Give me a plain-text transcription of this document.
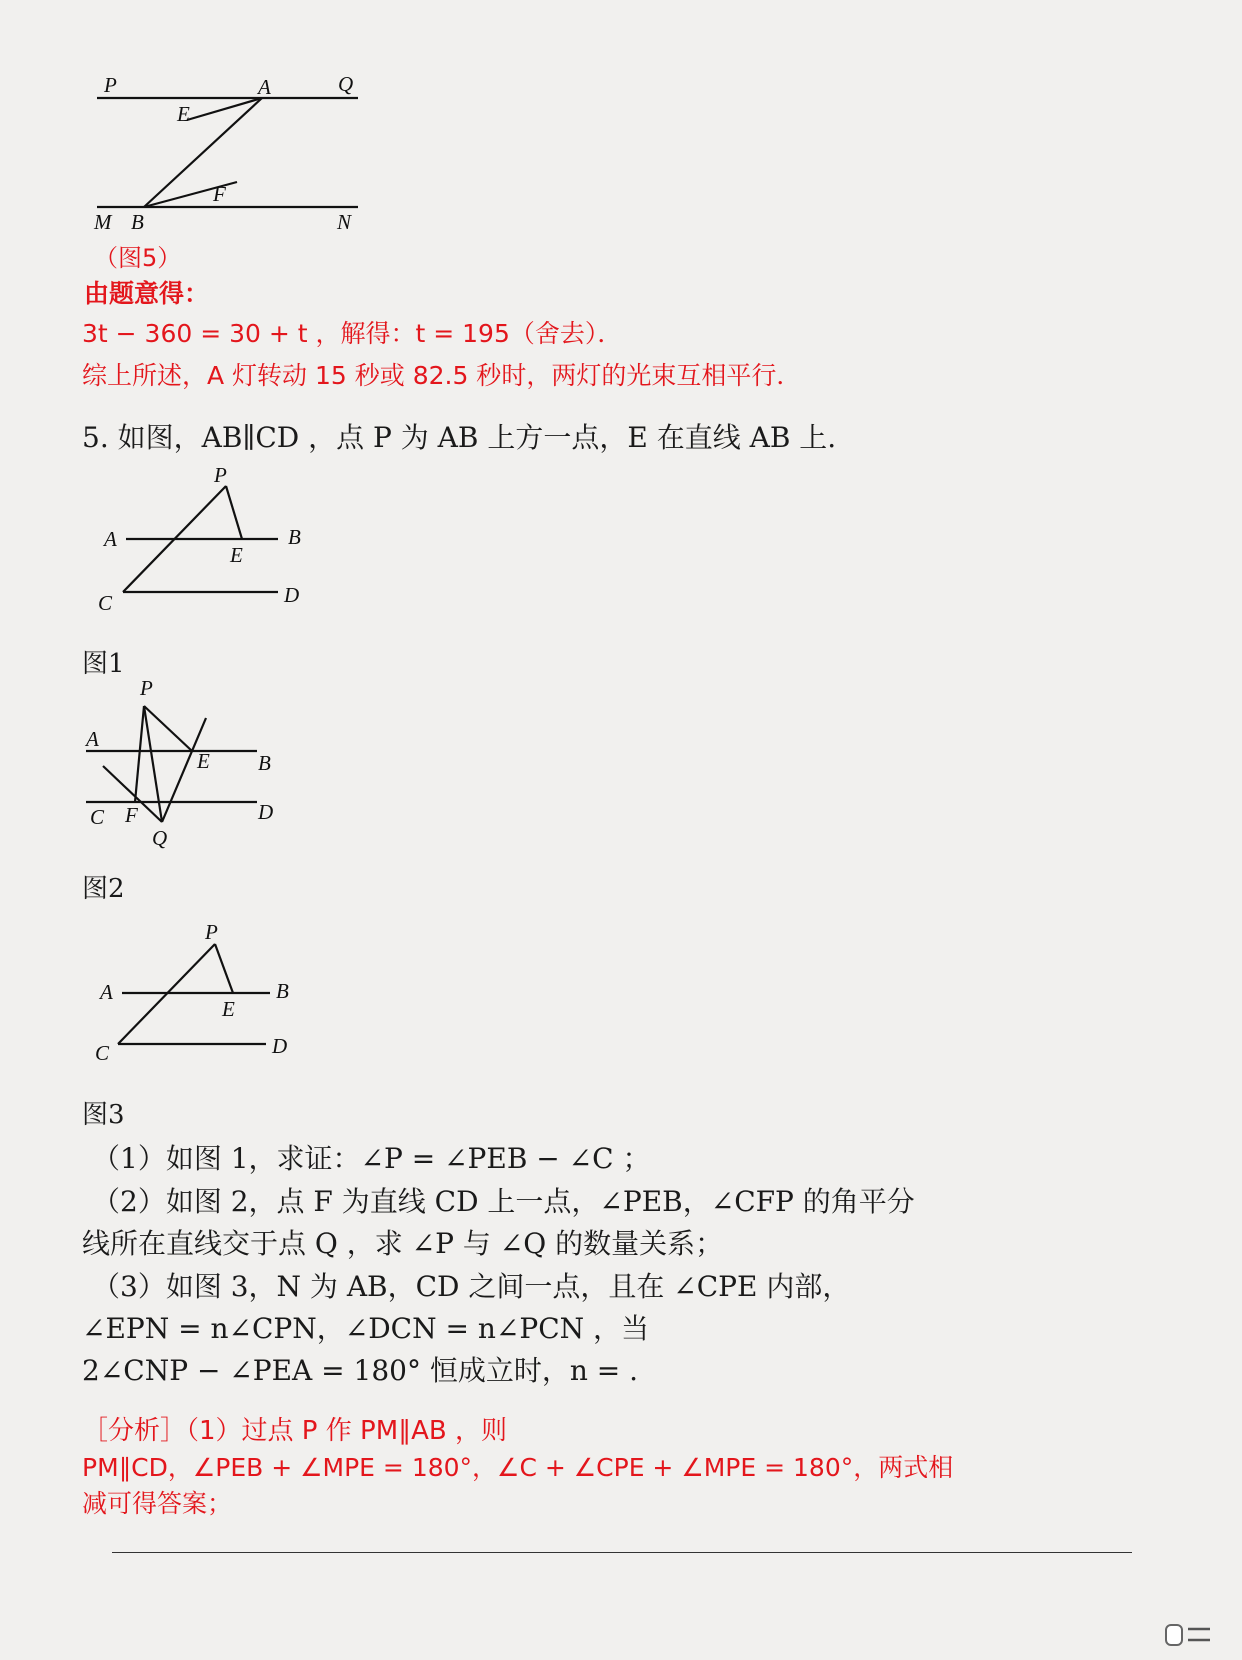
P	A	Q
E
F
M B	N
（图5）
由题意得：
3t − 360 = 30 + t ，解得：t = 195（舍去）．
综上所述，A 灯转动 15 秒或 82.5 秒时，两灯的光束互相平行．
5. 如图，AB∥CD ，点 P 为 AB 上方一点，E 在直线 AB 上.
P
A	B
E
C	D
图1
P
A
E B
C F	D
Q
图2
P
A	B
E
C	D
图3
（1）如图 1，求证：∠P = ∠PEB − ∠C ；
（2）如图 2，点 F 为直线 CD 上一点，∠PEB，∠CFP 的角平分
线所在直线交于点 Q ，求 ∠P 与 ∠Q 的数量关系；
（3）如图 3，N 为 AB，CD 之间一点，且在 ∠CPE 内部，
∠EPN = n∠CPN，∠DCN = n∠PCN ，当
2∠CNP − ∠PEA = 180° 恒成立时，n = .
［分析］（1）过点 P 作 PM∥AB ，则
PM∥CD，∠PEB + ∠MPE = 180°，∠C + ∠CPE + ∠MPE = 180°，两式相
减可得答案；
